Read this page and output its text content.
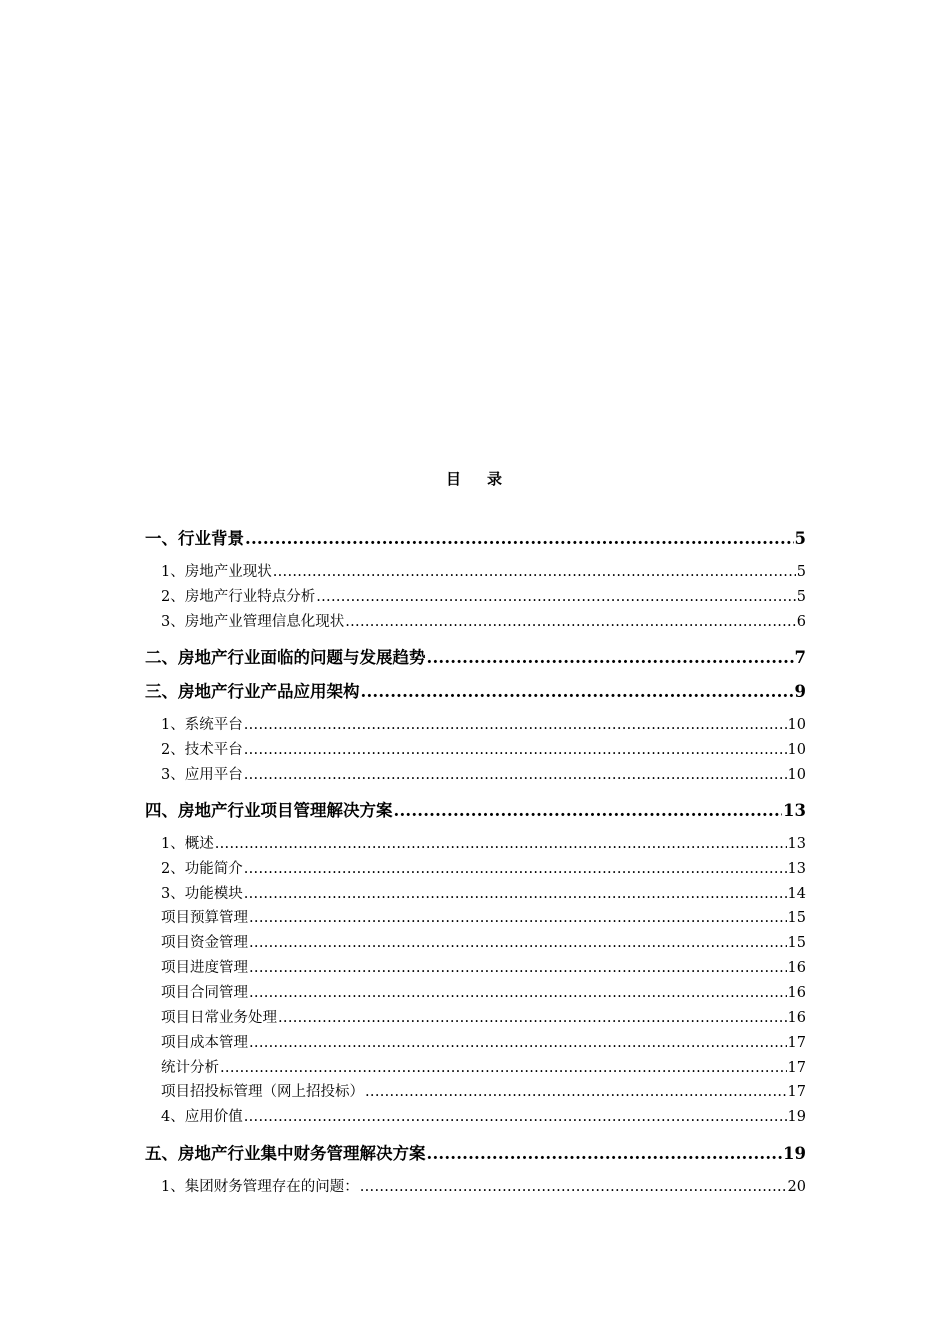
目 录
一、行业背景 .....	5
1、房地产业现状 .....	5
2、房地产行业特点分析 .....	5
3、房地产业管理信息化现状 .....	6
二、房地产行业面临的问题与发展趋势 .....	7
三、房地产行业产品应用架构 .....	9
1、系统平台 .....	10
2、技术平台 .....	10
3、应用平台 .....	10
四、房地产行业项目管理解决方案 .....	13
1、概述 .....	13
2、功能简介 .....	13
3、功能模块 .....	14
项目预算管理 .....	15
项目资金管理 .....	15
项目进度管理 .....	16
项目合同管理 .....	16
项目日常业务处理 .....	16
项目成本管理 .....	17
统计分析 .....	17
项目招投标管理（网上招投标） .....	17
4、应用价值 .....	19
五、房地产行业集中财务管理解决方案 .....	19
1、集团财务管理存在的问题： .....	20
